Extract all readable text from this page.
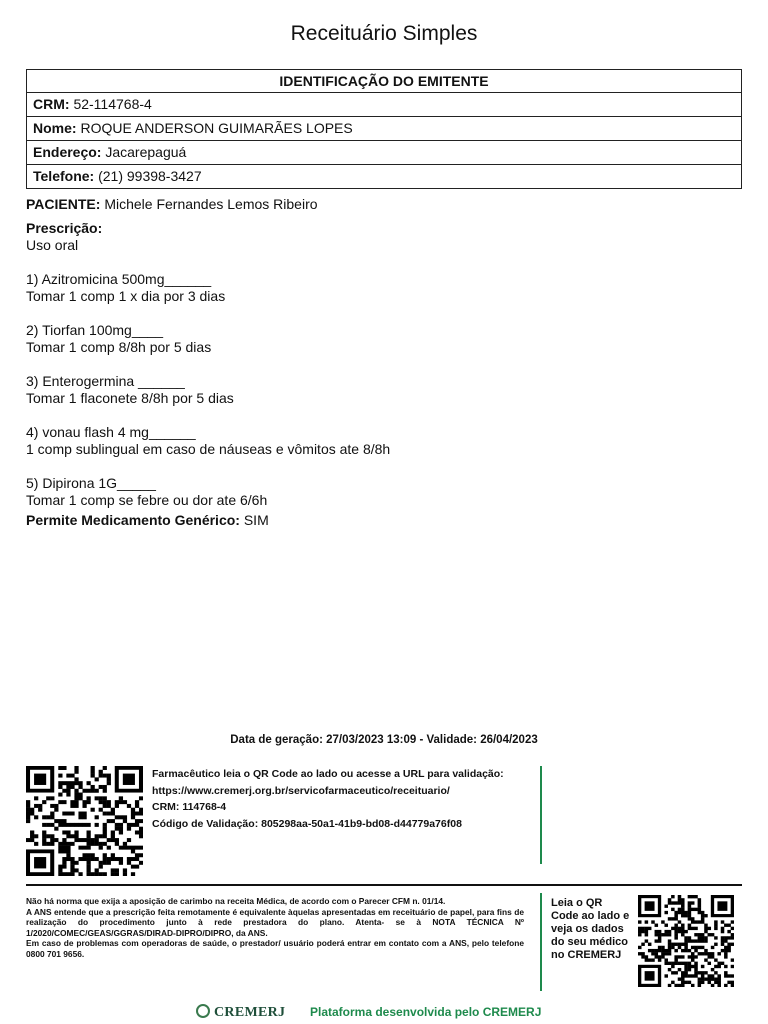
Receituário Simples
IDENTIFICAÇÃO DO EMITENTE
CRM: 52-114768-4
Nome: ROQUE ANDERSON GUIMARÃES LOPES
Endereço: Jacarepaguá
Telefone: (21) 99398-3427

PACIENTE: Michele Fernandes Lemos Ribeiro

Prescrição:

Uso oral

1) Azitromicina 500mg______

Tomar 1 comp 1 x dia por 3 dias

2) Tiorfan 100mg____

Tomar 1 comp 8/8h por 5 dias

3) Enterogermina ______

Tomar 1 flaconete 8/8h por 5 dias

4) vonau flash 4 mg______

1 comp sublingual em caso de náuseas e vômitos ate 8/8h

5) Dipirona 1G_____

Tomar 1 comp se febre ou dor ate 6/6h

Permite Medicamento Genérico: SIM

Data de geração: 27/03/2023 13:09 - Validade: 26/04/2023
Farmacêutico leia o QR Code ao lado ou acesse a URL para validação:
https://www.cremerj.org.br/servicofarmaceutico/receituario/
CRM: 114768-4
Código de Validação: 805298aa-50a1-41b9-bd08-d44779a76f08

Não há norma que exija a aposição de carimbo na receita Médica, de acordo com o Parecer CFM n. 01/14.

A ANS entende que a prescrição feita remotamente é equivalente àquelas apresentadas em receituário de papel, para fins de realização do procedimento junto à rede prestadora do plano. Atenta- se à NOTA TÉCNICA Nº 1/2020/COMEC/GEAS/GGRAS/DIRAD-DIPRO/DIPRO, da ANS.

Em caso de problemas com operadoras de saúde, o prestador/ usuário poderá entrar em contato com a ANS, pelo telefone 0800 701 9656.

Leia o QR Code ao lado e veja os dados do seu médico no CREMERJ
CREMERJ Plataforma desenvolvida pelo CREMERJ
